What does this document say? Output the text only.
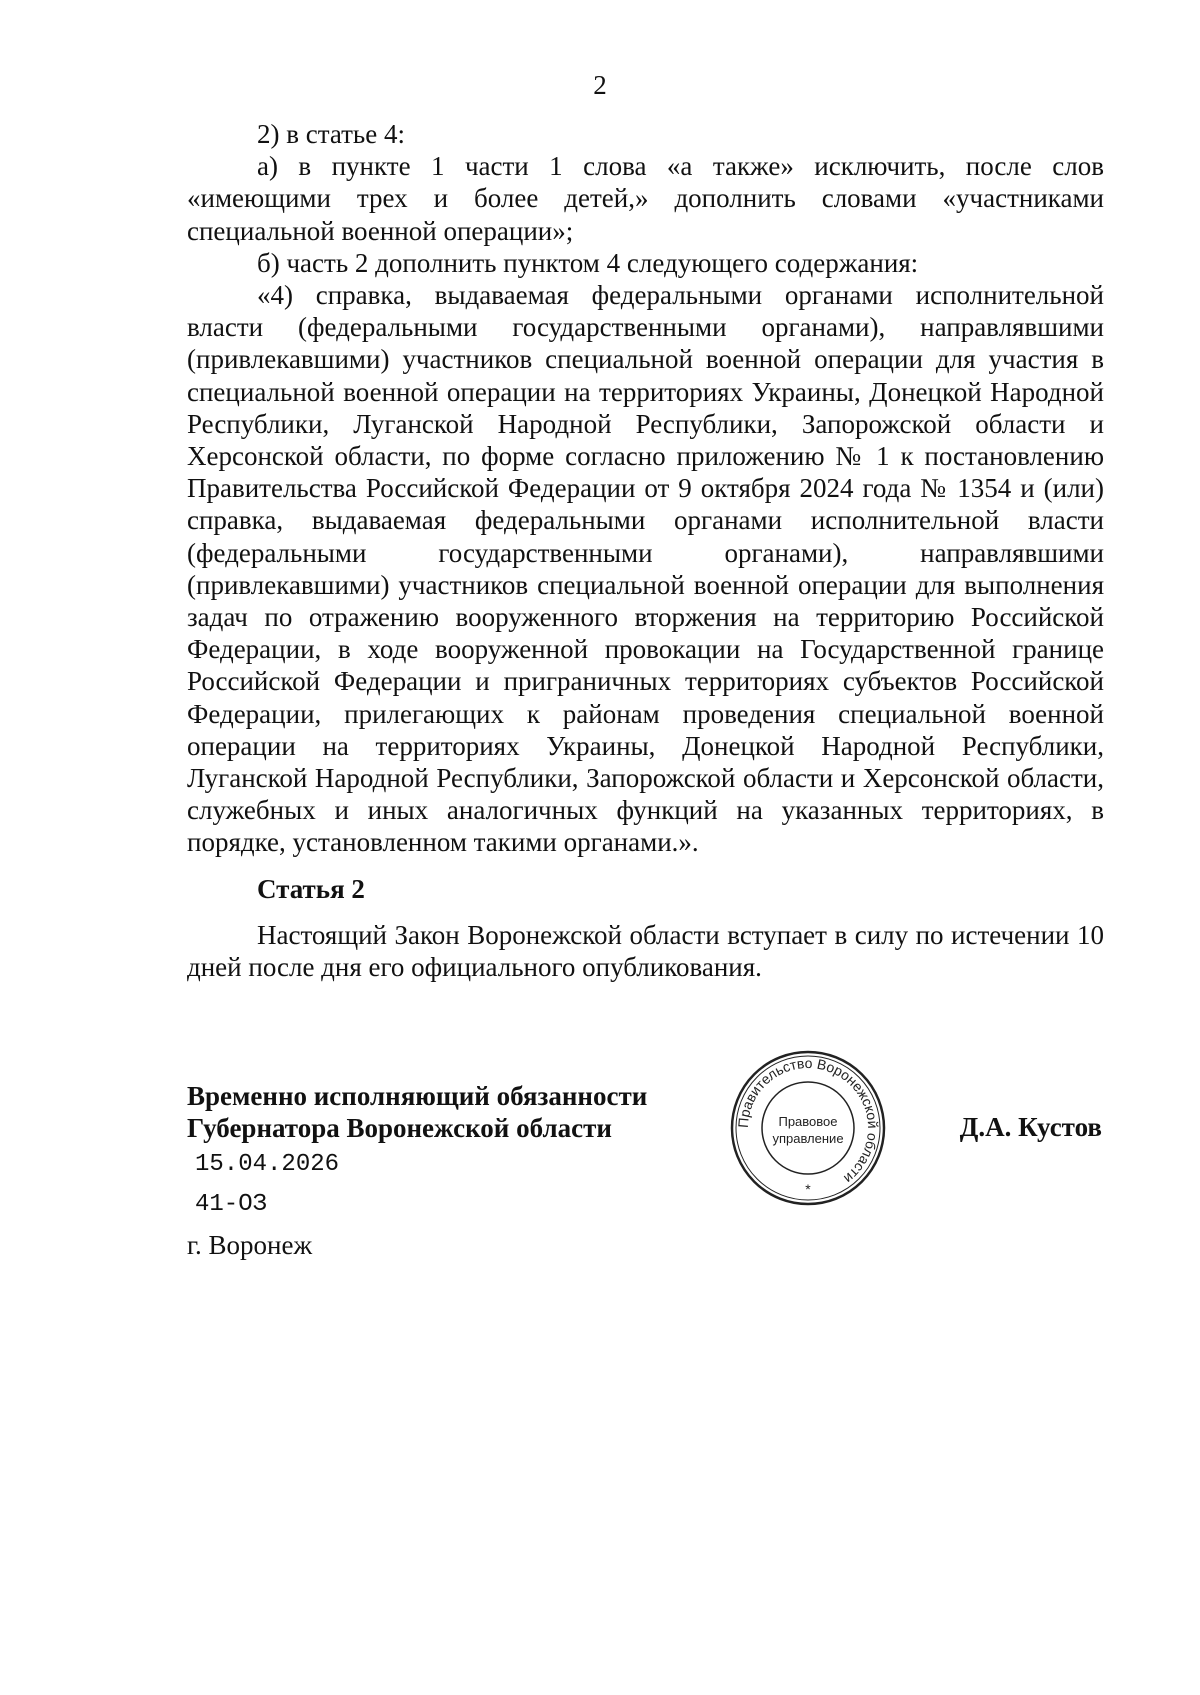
2

2) в статье 4:

а) в пункте 1 части 1 слова «а также» исключить, после слов «имеющими трех и более детей,» дополнить словами «участниками специальной военной операции»;

б) часть 2 дополнить пунктом 4 следующего содержания:

«4) справка, выдаваемая федеральными органами исполнительной власти (федеральными государственными органами), направлявшими (привлекавшими) участников специальной военной операции для участия в специальной военной операции на территориях Украины, Донецкой Народной Республики, Луганской Народной Республики, Запорожской области и Херсонской области, по форме согласно приложению № 1 к постановлению Правительства Российской Федерации от 9 октября 2024 года № 1354 и (или) справка, выдаваемая федеральными органами исполнительной власти (федеральными государственными органами), направлявшими (привлекавшими) участников специальной военной операции для выполнения задач по отражению вооруженного вторжения на территорию Российской Федерации, в ходе вооруженной провокации на Государственной границе Российской Федерации и приграничных территориях субъектов Российской Федерации, прилегающих к районам проведения специальной военной операции на территориях Украины, Донецкой Народной Республики, Луганской Народной Республики, Запорожской области и Херсонской области, служебных и иных аналогичных функций на указанных территориях, в порядке, установленном такими органами.».

Статья 2

Настоящий Закон Воронежской области вступает в силу по истечении 10 дней после дня его официального опубликования.

Временно исполняющий обязанности
Губернатора Воронежской области	Д.А. Кустов
15.04.2026
41-ОЗ
г. Воронеж
Правительство Воронежской области
Правовое
управление
*
